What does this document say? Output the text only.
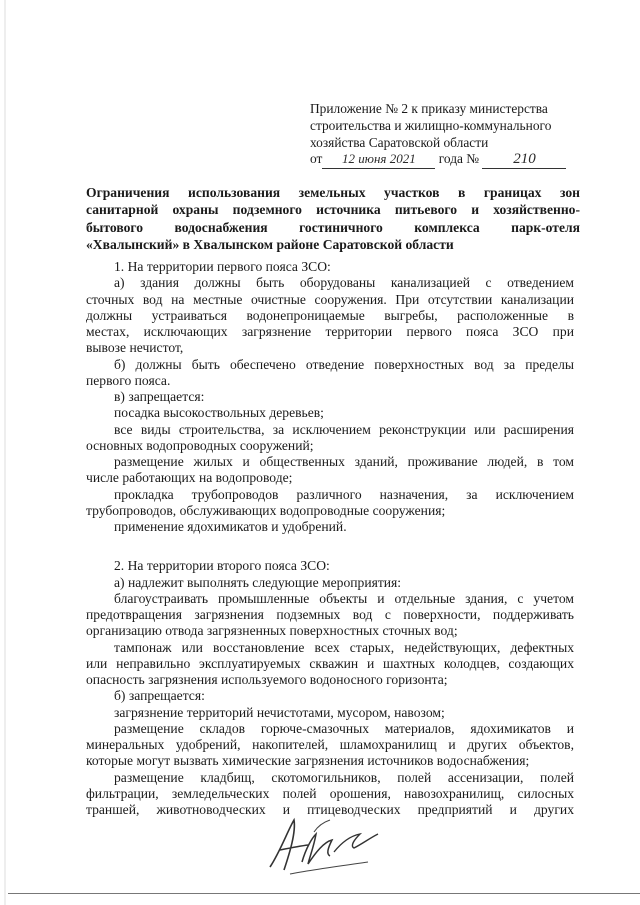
Приложение № 2 к приказу министерства
строительства и жилищно-коммунального
хозяйства Саратовской области
от 12 июня 2021 года № 210
Ограничения использования земельных участков в границах зон
санитарной охраны подземного источника питьевого и хозяйственно-
бытового водоснабжения гостиничного комплекса парк-отеля
«Хвалынский» в Хвалынском районе Саратовской области
1. На территории первого пояса ЗСО:
а) здания должны быть оборудованы канализацией с отведением
сточных вод на местные очистные сооружения. При отсутствии канализации
должны устраиваться водонепроницаемые выгребы, расположенные в
местах, исключающих загрязнение территории первого пояса ЗСО при
вывозе нечистот,
б) должны быть обеспечено отведение поверхностных вод за пределы
первого пояса.
в) запрещается:
посадка высокоствольных деревьев;
все виды строительства, за исключением реконструкции или расширения
основных водопроводных сооружений;
размещение жилых и общественных зданий, проживание людей, в том
числе работающих на водопроводе;
прокладка трубопроводов различного назначения, за исключением
трубопроводов, обслуживающих водопроводные сооружения;
применение ядохимикатов и удобрений.
2. На территории второго пояса ЗСО:
а) надлежит выполнять следующие мероприятия:
благоустраивать промышленные объекты и отдельные здания, с учетом
предотвращения загрязнения подземных вод с поверхности, поддерживать
организацию отвода загрязненных поверхностных сточных вод;
тампонаж или восстановление всех старых, недействующих, дефектных
или неправильно эксплуатируемых скважин и шахтных колодцев, создающих
опасность загрязнения используемого водоносного горизонта;
б) запрещается:
загрязнение территорий нечистотами, мусором, навозом;
размещение складов горюче-смазочных материалов, ядохимикатов и
минеральных удобрений, накопителей, шламохранилищ и других объектов,
которые могут вызвать химические загрязнения источников водоснабжения;
размещение кладбищ, скотомогильников, полей ассенизации, полей
фильтрации, земледельческих полей орошения, навозохранилищ, силосных
траншей, животноводческих и птицеводческих предприятий и других
